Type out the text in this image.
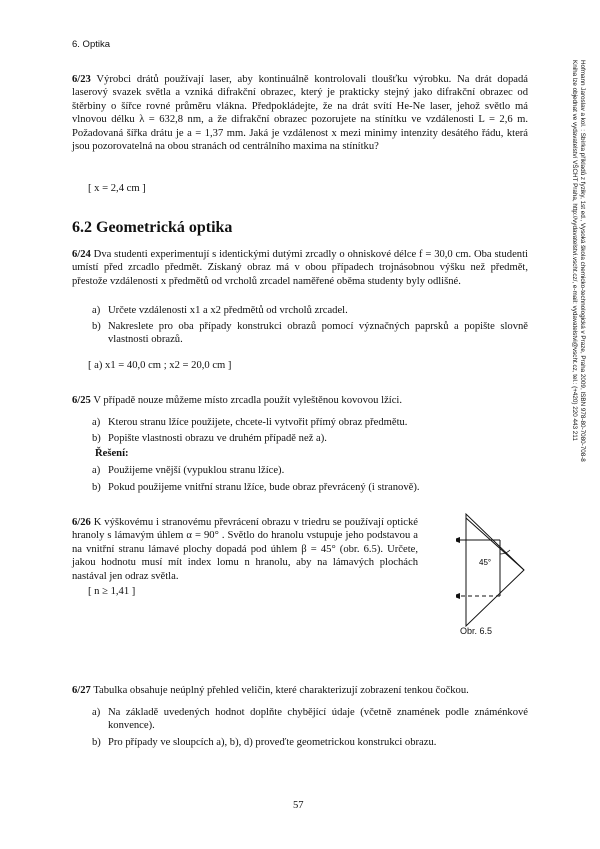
6. Optika
Hofmann Jaroslav a kol. : Sbírka příkladů z fyziky, 1st ed., Vysoká škola chemicko-technologická v Praze, Praha 2009, ISBN 978-80-7080-708-8
Kniha lze objednat ve vydavatelství VŠCHT Praha, http://vydavatelstvi.vscht.cz/, e-mail: vydavatelstvi@vscht.cz, tel.: (+420) 220 443 211
6/23 Výrobci drátů používají laser, aby kontinuálně kontrolovali tloušťku výrobku. Na drát dopadá laserový svazek světla a vzniká difrakční obrazec, který je prakticky stejný jako difrakční obrazec od štěrbiny o šířce rovné průměru vlákna. Předpokládejte, že na drát svítí He-Ne laser, jehož světlo má vlnovou délku λ = 632,8 nm, a že difrakční obrazec pozorujete na stínítku ve vzdálenosti L = 2,6 m. Požadovaná šířka drátu je a = 1,37 mm. Jaká je vzdálenost x mezi minimy intenzity desátého řádu, která jsou pozorovatelná na obou stranách od centrálního maxima na stínítku?
[ x = 2,4 cm ]
6.2 Geometrická optika
6/24 Dva studenti experimentují s identickými dutými zrcadly o ohniskové délce f = 30,0 cm. Oba studenti umístí před zrcadlo předmět. Získaný obraz má v obou případech trojnásobnou výšku než předmět, přestože vzdálenosti x předmětů od vrcholů zrcadel naměřené oběma studenty byly odlišné.
a) Určete vzdálenosti x1 a x2 předmětů od vrcholů zrcadel.
b) Nakreslete pro oba případy konstrukci obrazů pomocí význačných paprsků a popište slovně vlastnosti obrazů.
[ a) x1 = 40,0 cm ; x2 = 20,0 cm ]
6/25 V případě nouze můžeme místo zrcadla použít vyleštěnou kovovou lžíci.
a) Kterou stranu lžíce použijete, chcete-li vytvořit přímý obraz předmětu.
b) Popište vlastnosti obrazu ve druhém případě než a).
Řešení:
a) Použijeme vnější (vypuklou stranu lžíce).
b) Pokud použijeme vnitřní stranu lžíce, bude obraz převrácený (i stranově).
6/26 K výškovému i stranovému převrácení obrazu v triedru se používají optické hranoly s lámavým úhlem α = 90° . Světlo do hranolu vstupuje jeho podstavou a na vnitřní stranu lámavé plochy dopadá pod úhlem β = 45° (obr. 6.5). Určete, jakou hodnotu musí mít index lomu n hranolu, aby na lámavých plochách nastával jen odraz světla.
[ n ≥ 1,41 ]
45°
Obr. 6.5
6/27 Tabulka obsahuje neúplný přehled veličin, které charakterizují zobrazení tenkou čočkou.
a) Na základě uvedených hodnot doplňte chybějící údaje (včetně znamének podle známénkové konvence).
b) Pro případy ve sloupcích a), b), d) proveďte geometrickou konstrukci obrazu.
57
